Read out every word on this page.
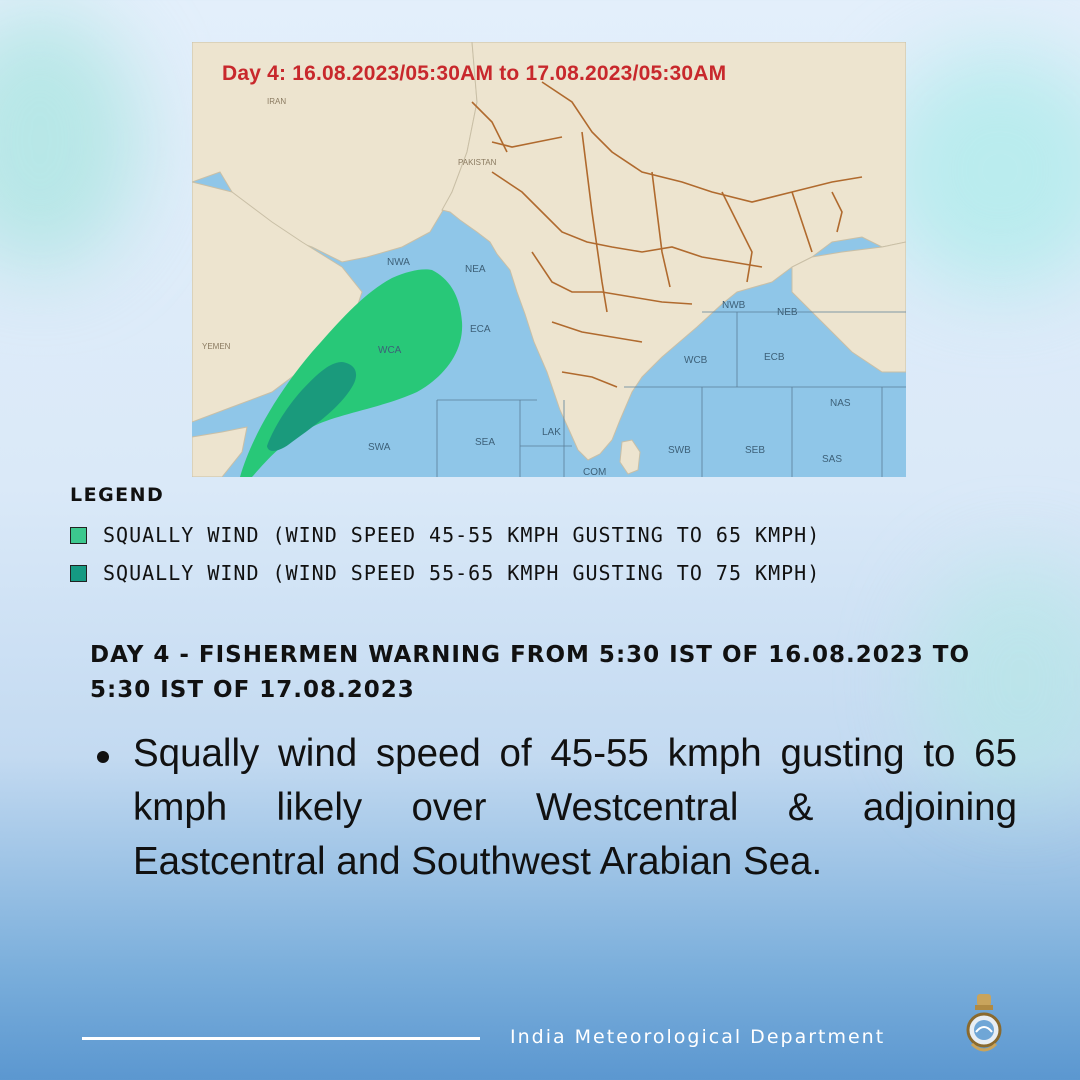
Day 4: 16.08.2023/05:30AM to 17.08.2023/05:30AM
NWA
NEA
WCA
ECA
SWA	SEA
LAK
COM
NWB
NEB
WCB	ECB
NAS
SWB	SEB
SAS
IRAN
PAKISTAN
YEMEN
LEGEND
SQUALLY WIND (WIND SPEED 45-55 KMPH GUSTING TO 65 KMPH)
SQUALLY WIND (WIND SPEED 55-65 KMPH GUSTING TO 75 KMPH)
DAY 4 - FISHERMEN WARNING FROM 5:30 IST OF 16.08.2023 TO 5:30 IST OF 17.08.2023
Squally wind speed of 45-55 kmph gusting to 65 kmph likely over Westcentral & adjoining Eastcentral and Southwest Arabian Sea.
India Meteorological Department
